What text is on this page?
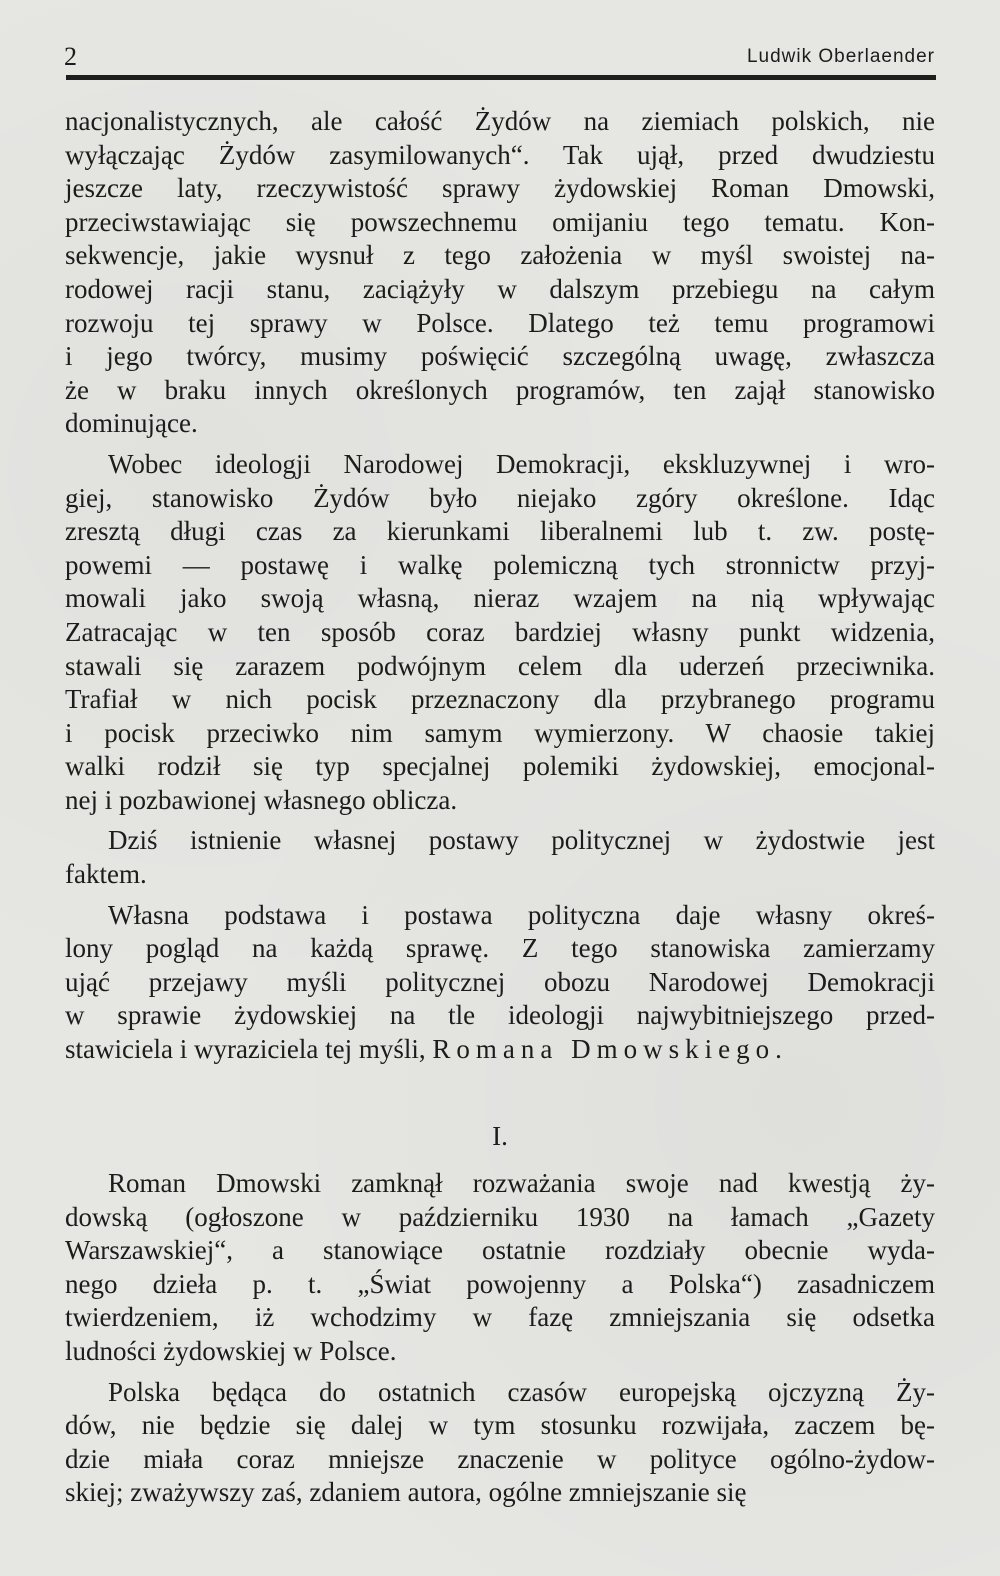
2	Ludwik Oberlaender
nacjonalistycznych, ale całość Żydów na ziemiach polskich, nie
wyłączając Żydów zasymilowanych“. Tak ujął, przed dwudziestu
jeszcze laty, rzeczywistość sprawy żydowskiej Roman Dmowski,
przeciwstawiając się powszechnemu omijaniu tego tematu. Kon-
sekwencje, jakie wysnuł z tego założenia w myśl swoistej na-
rodowej racji stanu, zaciążyły w dalszym przebiegu na całym
rozwoju tej sprawy w Polsce. Dlatego też temu programowi
i jego twórcy, musimy poświęcić szczególną uwagę, zwłaszcza
że w braku innych określonych programów, ten zajął stanowisko
dominujące.
Wobec ideologji Narodowej Demokracji, ekskluzywnej i wro-
giej, stanowisko Żydów było niejako zgóry określone. Idąc
zresztą długi czas za kierunkami liberalnemi lub t. zw. postę-
powemi — postawę i walkę polemiczną tych stronnictw przyj-
mowali jako swoją własną, nieraz wzajem na nią wpływając
Zatracając w ten sposób coraz bardziej własny punkt widzenia,
stawali się zarazem podwójnym celem dla uderzeń przeciwnika.
Trafiał w nich pocisk przeznaczony dla przybranego programu
i pocisk przeciwko nim samym wymierzony. W chaosie takiej
walki rodził się typ specjalnej polemiki żydowskiej, emocjonal-
nej i pozbawionej własnego oblicza.
Dziś istnienie własnej postawy politycznej w żydostwie jest
faktem.
Własna podstawa i postawa polityczna daje własny okreś-
lony pogląd na każdą sprawę. Z tego stanowiska zamierzamy
ująć przejawy myśli politycznej obozu Narodowej Demokracji
w sprawie żydowskiej na tle ideologji najwybitniejszego przed-
stawiciela i wyraziciela tej myśli, Romana Dmowskiego.
I.
Roman Dmowski zamknął rozważania swoje nad kwestją ży-
dowską (ogłoszone w październiku 1930 na łamach „Gazety
Warszawskiej“, a stanowiące ostatnie rozdziały obecnie wyda-
nego dzieła p. t. „Świat powojenny a Polska“) zasadniczem
twierdzeniem, iż wchodzimy w fazę zmniejszania się odsetka
ludności żydowskiej w Polsce.
Polska będąca do ostatnich czasów europejską ojczyzną Ży-
dów, nie będzie się dalej w tym stosunku rozwijała, zaczem bę-
dzie miała coraz mniejsze znaczenie w polityce ogólno-żydow-
skiej; zważywszy zaś, zdaniem autora, ogólne zmniejszanie się
